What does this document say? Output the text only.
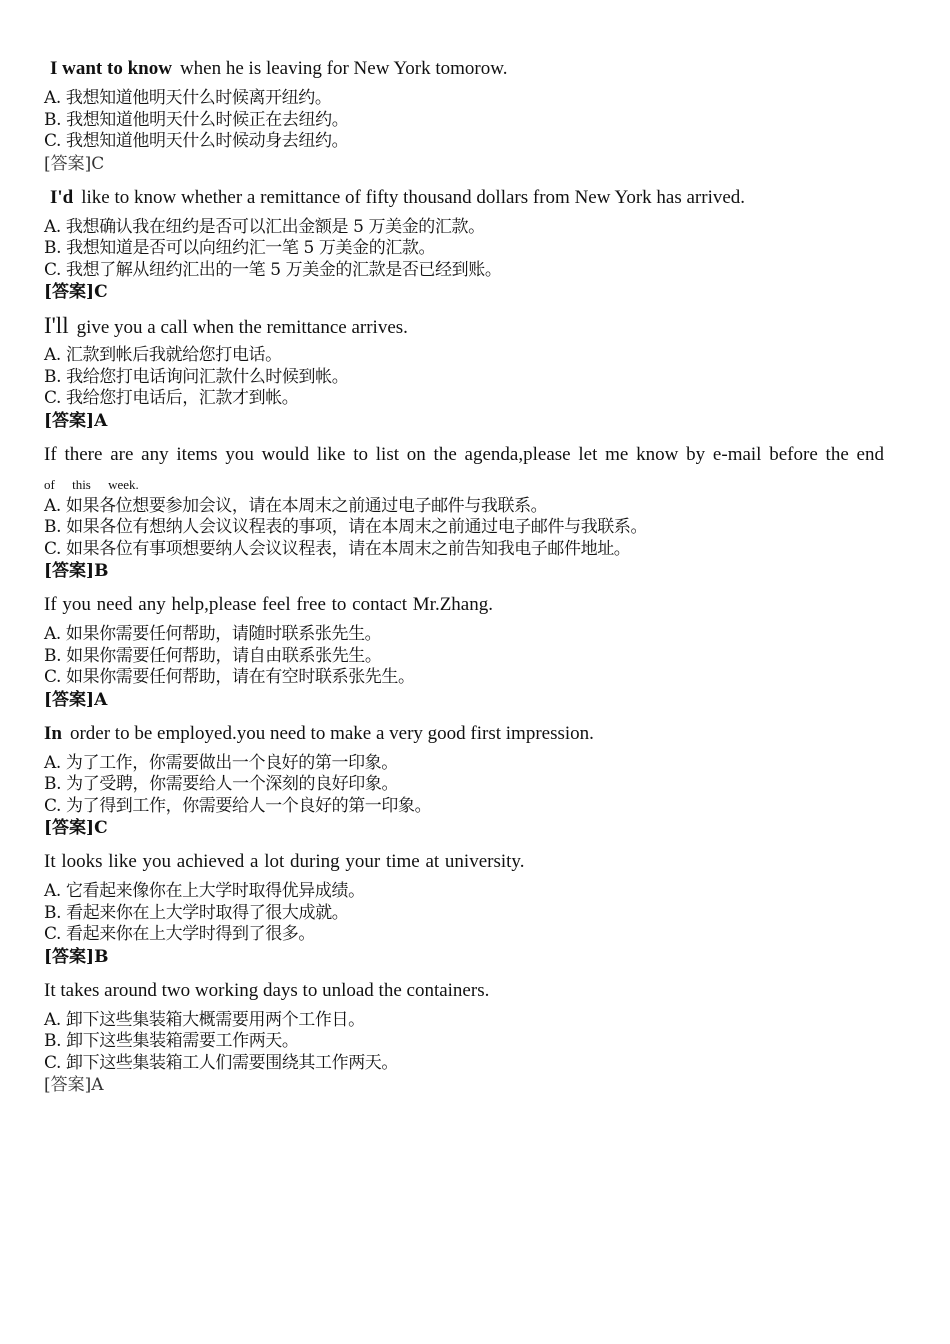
I want to know when he is leaving for New York tomorow.
A. 我想知道他明天什么时候离开纽约。
B. 我想知道他明天什么时候正在去纽约。
C. 我想知道他明天什么时候动身去纽约。
[答案]C
I'd like to know whether a remittance of fifty thousand dollars from New York has arrived.
A. 我想确认我在纽约是否可以汇出金额是 5 万美金的汇款。
B. 我想知道是否可以向纽约汇一笔 5 万美金的汇款。
C. 我想了解从纽约汇出的一笔 5 万美金的汇款是否已经到账。
[答案]C
I'll give you a call when the remittance arrives.
A. 汇款到帐后我就给您打电话。
B. 我给您打电话询问汇款什么时候到帐。
C. 我给您打电话后，汇款才到帐。
[答案]A
If there are any items you would like to list on the agenda,please let me know by e-mail before the end
of this week.
A. 如果各位想要参加会议，请在本周末之前通过电子邮件与我联系。
B. 如果各位有想纳人会议议程表的事项，请在本周末之前通过电子邮件与我联系。
C. 如果各位有事项想要纳人会议议程表，请在本周末之前告知我电子邮件地址。
[答案]B
If you need any help,please feel free to contact Mr.Zhang.
A. 如果你需要任何帮助，请随时联系张先生。
B. 如果你需要任何帮助，请自由联系张先生。
C. 如果你需要任何帮助，请在有空时联系张先生。
[答案]A
In order to be employed.you need to make a very good first impression.
A. 为了工作，你需要做出一个良好的第一印象。
B. 为了受聘，你需要给人一个深刻的良好印象。
C. 为了得到工作，你需要给人一个良好的第一印象。
[答案]C
It looks like you achieved a lot during your time at university.
A. 它看起来像你在上大学时取得优异成绩。
B. 看起来你在上大学时取得了很大成就。
C. 看起来你在上大学时得到了很多。
[答案]B
It takes around two working days to unload the containers.
A. 卸下这些集装箱大概需要用两个工作日。
B. 卸下这些集装箱需要工作两天。
C. 卸下这些集装箱工人们需要围绕其工作两天。
[答案]A
